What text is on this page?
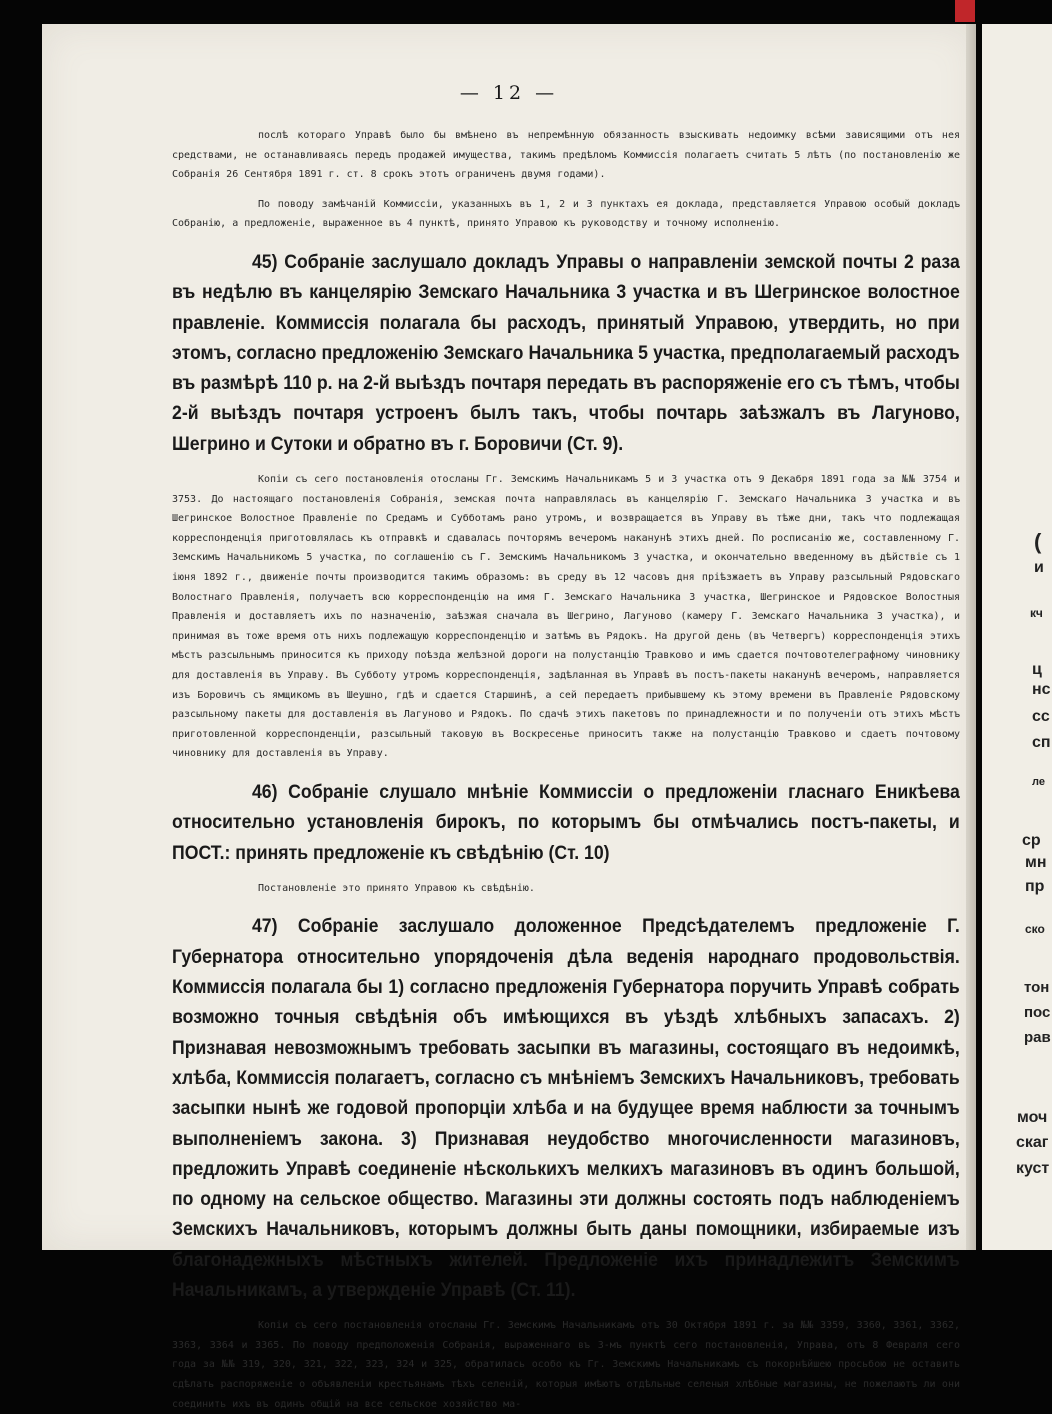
— 12 —

послѣ котораго Управѣ было бы вмѣнено въ непремѣнную обязанность взыскивать недоимку всѣми зависящими отъ нея средствами, не останавливаясь передъ продажей имущества, такимъ предѣломъ Коммиссія полагаетъ считать 5 лѣтъ (по постановленію же Собранія 26 Сентября 1891 г. ст. 8 срокъ этотъ ограниченъ двумя годами).

По поводу замѣчаній Коммиссіи, указанныхъ въ 1, 2 и 3 пунктахъ ея доклада, представляется Управою особый докладъ Собранію, а предложеніе, выраженное въ 4 пунктѣ, принято Управою къ руководству и точному исполненію.

45) Собраніе заслушало докладъ Управы о направленіи земской почты 2 раза въ недѣлю въ канцелярію Земскаго Начальника 3 участка и въ Шегринское волостное правленіе. Коммиссія полагала бы расходъ, принятый Управою, утвердить, но при этомъ, согласно предложенію Земскаго Начальника 5 участка, предполагаемый расходъ въ размѣрѣ 110 р. на 2-й выѣздъ почтаря передать въ распоряженіе его съ тѣмъ, чтобы 2-й выѣздъ почтаря устроенъ былъ такъ, чтобы почтарь заѣзжалъ въ Лагуново, Шегрино и Сутоки и обратно въ г. Боровичи (Ст. 9).

Копіи съ сего постановленія отосланы Гг. Земскимъ Начальникамъ 5 и 3 участка отъ 9 Декабря 1891 года за №№ 3754 и 3753. До настоящаго постановленія Собранія, земская почта направлялась въ канцелярію Г. Земскаго Начальника 3 участка и въ Шегринское Волостное Правленіе по Средамъ и Субботамъ рано утромъ, и возвращается въ Управу въ тѣже дни, такъ что подлежащая корреспонденція приготовлялась къ отправкѣ и сдавалась почторямъ вечеромъ наканунѣ этихъ дней. По росписанію же, составленному Г. Земскимъ Начальникомъ 5 участка, по соглашенію съ Г. Земскимъ Начальникомъ 3 участка, и окончательно введенному въ дѣйствіе съ 1 іюня 1892 г., движеніе почты производится такимъ образомъ: въ среду въ 12 часовъ дня пріѣзжаетъ въ Управу разсыльный Рядовскаго Волостнаго Правленія, получаетъ всю корреспонденцію на имя Г. Земскаго Начальника 3 участка, Шегринское и Рядовское Волостныя Правленія и доставляетъ ихъ по назначенію, заѣзжая сначала въ Шегрино, Лагуново (камеру Г. Земскаго Начальника 3 участка), и принимая въ тоже время отъ нихъ подлежащую корреспонденцію и затѣмъ въ Рядокъ. На другой день (въ Четвергъ) корреспонденція этихъ мѣстъ разсыльнымъ приносится къ приходу поѣзда желѣзной дороги на полустанцію Травково и имъ сдается почтовотелеграфному чиновнику для доставленія въ Управу. Въ Субботу утромъ корреспонденція, задѣланная въ Управѣ въ постъ-пакеты наканунѣ вечеромъ, направляется изъ Боровичъ съ ямщикомъ въ Шеушно, гдѣ и сдается Старшинѣ, а сей передаетъ прибывшему къ этому времени въ Правленіе Рядовскому разсыльному пакеты для доставленія въ Лагуново и Рядокъ. По сдачѣ этихъ пакетовъ по принадлежности и по полученіи отъ этихъ мѣстъ приготовленной корреспонденціи, разсыльный таковую въ Воскресенье приноситъ также на полустанцію Травково и сдаетъ почтовому чиновнику для доставленія въ Управу.

46) Собраніе слушало мнѣніе Коммиссіи о предложеніи гласнаго Еникѣева относительно установленія бирокъ, по которымъ бы отмѣчались постъ-пакеты, и ПОСТ.: принять предложеніе къ свѣдѣнію (Ст. 10)

Постановленіе это принято Управою къ свѣдѣнію.

47) Собраніе заслушало доложенное Предсѣдателемъ предложеніе Г. Губернатора относительно упорядоченія дѣла веденія народнаго продовольствія. Коммиссія полагала бы 1) согласно предложенія Губернатора поручить Управѣ собрать возможно точныя свѣдѣнія объ имѣющихся въ уѣздѣ хлѣбныхъ запасахъ. 2) Признавая невозможнымъ требовать засыпки въ магазины, состоящаго въ недоимкѣ, хлѣба, Коммиссія полагаетъ, согласно съ мнѣніемъ Земскихъ Начальниковъ, требовать засыпки нынѣ же годовой пропорціи хлѣба и на будущее время наблюсти за точнымъ выполненіемъ закона. 3) Признавая неудобство многочисленности магазиновъ, предложить Управѣ соединеніе нѣсколькихъ мелкихъ магазиновъ въ одинъ большой, по одному на сельское общество. Магазины эти должны состоять подъ наблюденіемъ Земскихъ Начальниковъ, которымъ должны быть даны помощники, избираемые изъ благонадежныхъ мѣстныхъ жителей. Предложеніе ихъ принадлежитъ Земскимъ Начальникамъ, а утвержденіе Управѣ (Ст. 11).

Копіи съ сего постановленія отосланы Гг. Земскимъ Начальникамъ отъ 30 Октября 1891 г. за №№ 3359, 3360, 3361, 3362, 3363, 3364 и 3365. По поводу предположенія Собранія, выраженнаго въ 3-мъ пунктѣ сего постановленія, Управа, отъ 8 Февраля сего года за №№ 319, 320, 321, 322, 323, 324 и 325, обратилась особо къ Гг. Земскимъ Начальникамъ съ покорнѣйшею просьбою не оставить сдѣлать распоряженіе о объявленіи крестьянамъ тѣхъ селеній, которыя имѣютъ отдѣльные селеныя хлѣбные магазины, не пожелаютъ ли они соединить ихъ въ одинъ общій на все сельское хозяйство ма-

(
и
кч
ц
нс
сс
сп
ле
ср
мн
пр
ско
тон
пос
рав
моч
скаг
куст
